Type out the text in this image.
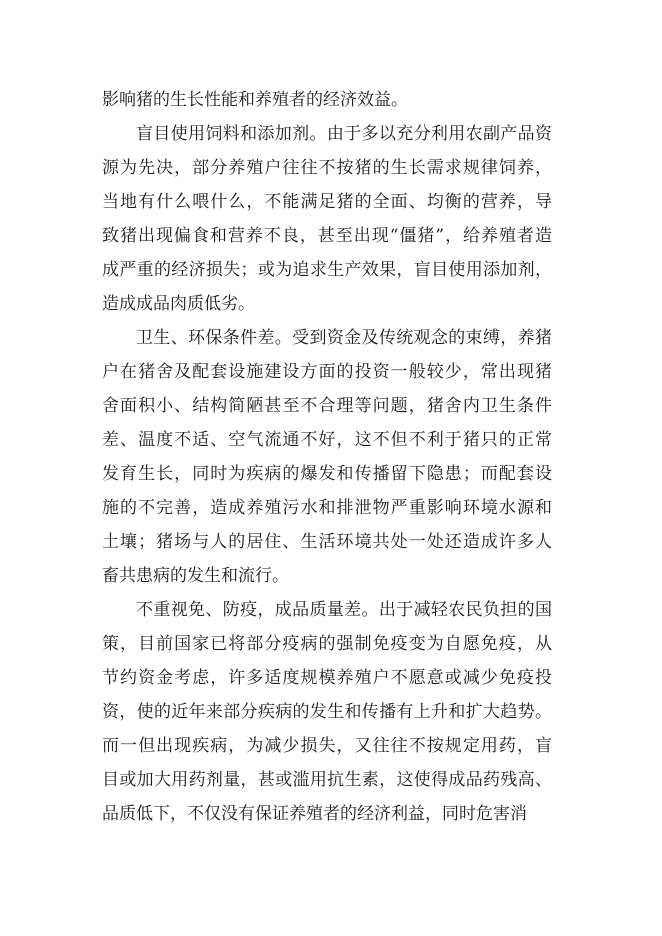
影响猪的生长性能和养殖者的经济效益。
盲目使用饲料和添加剂。由于多以充分利用农副产品资
源为先决，部分养殖户往往不按猪的生长需求规律饲养，
当地有什么喂什么，不能满足猪的全面、均衡的营养，导
致猪出现偏食和营养不良，甚至出现“僵猪”，给养殖者造
成严重的经济损失；或为追求生产效果，盲目使用添加剂，
造成成品肉质低劣。
卫生、环保条件差。受到资金及传统观念的束缚，养猪
户在猪舍及配套设施建设方面的投资一般较少，常出现猪
舍面积小、结构简陋甚至不合理等问题，猪舍内卫生条件
差、温度不适、空气流通不好，这不但不利于猪只的正常
发育生长，同时为疾病的爆发和传播留下隐患；而配套设
施的不完善，造成养殖污水和排泄物严重影响环境水源和
土壤；猪场与人的居住、生活环境共处一处还造成许多人
畜共患病的发生和流行。
不重视免、防疫，成品质量差。出于减轻农民负担的国
策，目前国家已将部分疫病的强制免疫变为自愿免疫，从
节约资金考虑，许多适度规模养殖户不愿意或减少免疫投
资，使的近年来部分疾病的发生和传播有上升和扩大趋势。
而一但出现疾病，为减少损失，又往往不按规定用药，盲
目或加大用药剂量，甚或滥用抗生素，这使得成品药残高、
品质低下，不仅没有保证养殖者的经济利益，同时危害消
